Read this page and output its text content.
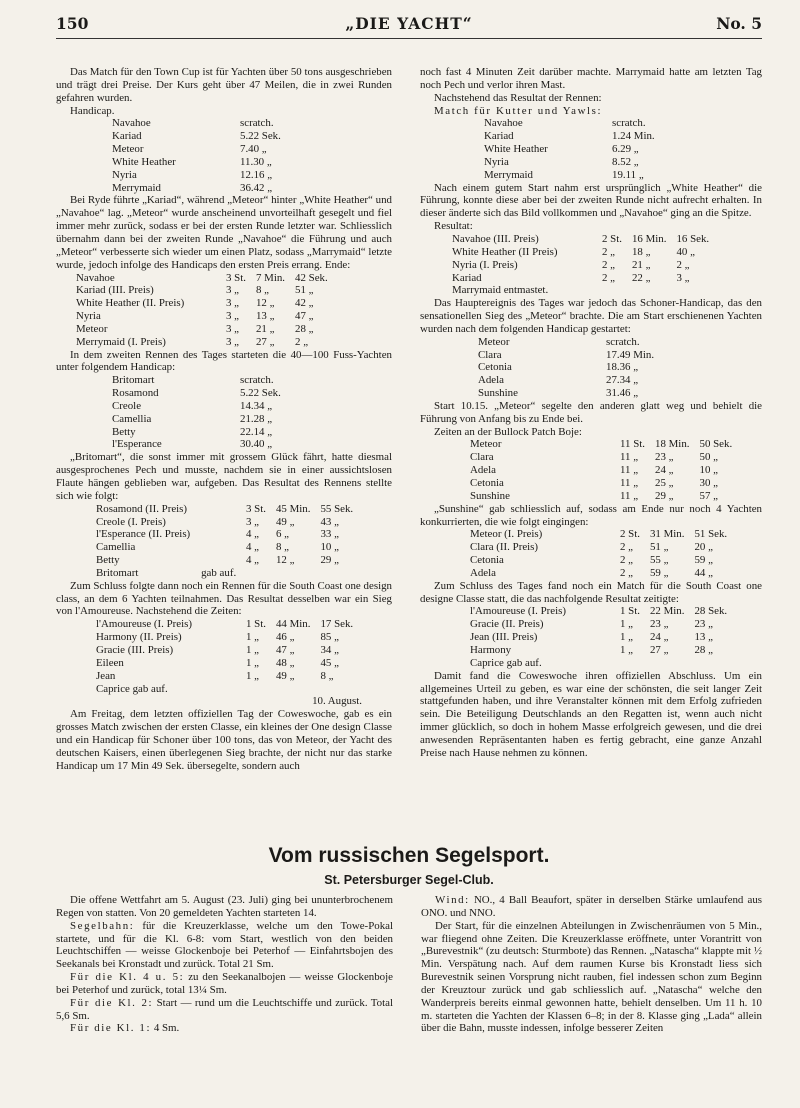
150	„DIE YACHT“	No. 5

Das Match für den Town Cup ist für Yachten über 50 tons ausgeschrieben und trägt drei Preise. Der Kurs geht über 47 Meilen, die in zwei Runden gefahren wurden.

Handicap.
Navahoe	scratch.
Kariad	5.22 Sek.
Meteor	7.40 „
White Heather	11.30 „
Nyria	12.16 „
Merrymaid	36.42 „

Bei Ryde führte „Kariad“, während „Meteor“ hinter „White Heather“ und „Navahoe“ lag. „Meteor“ wurde anscheinend unvorteilhaft gesegelt und fiel immer mehr zurück, sodass er bei der ersten Runde letzter war. Schliesslich übernahm dann bei der zweiten Runde „Navahoe“ die Führung und auch „Meteor“ verbesserte sich wieder um einen Platz, sodass „Marrymaid“ letzte wurde, jedoch infolge des Handicaps den ersten Preis errang. Ende:

Navahoe	3 St.	7 Min.	42 Sek.
Kariad (III. Preis)	3 „	8 „	51 „
White Heather (II. Preis)	3 „	12 „	42 „
Nyria	3 „	13 „	47 „
Meteor	3 „	21 „	28 „
Merrymaid (I. Preis)	3 „	27 „	2 „

In dem zweiten Rennen des Tages starteten die 40—100 Fuss-Yachten unter folgendem Handicap:

Britomart	scratch.
Rosamond	5.22 Sek.
Creole	14.34 „
Camellia	21.28 „
Betty	22.14 „
l'Esperance	30.40 „

„Britomart“, die sonst immer mit grossem Glück fährt, hatte diesmal ausgesprochenes Pech und musste, nachdem sie in einer aussichtslosen Flaute hängen geblieben war, aufgeben. Das Resultat des Rennens stellte sich wie folgt:

Rosamond (II. Preis)	3 St.	45 Min.	55 Sek.
Creole (I. Preis)	3 „	49 „	43 „
l'Esperance (II. Preis)	4 „	6 „	33 „
Camellia	4 „	8 „	10 „
Betty	4 „	12 „	29 „
Britomart	gab auf.

Zum Schluss folgte dann noch ein Rennen für die South Coast one design class, an dem 6 Yachten teilnahmen. Das Resultat desselben war ein Sieg von l'Amoureuse. Nachstehend die Zeiten:

l'Amoureuse (I. Preis)	1 St.	44 Min.	17 Sek.
Harmony (II. Preis)	1 „	46 „	85 „
Gracie (III. Preis)	1 „	47 „	34 „
Eileen	1 „	48 „	45 „
Jean	1 „	49 „	8 „
Caprice gab auf.
10. August.

Am Freitag, dem letzten offiziellen Tag der Coweswoche, gab es ein grosses Match zwischen der ersten Classe, ein kleines der One design Classe und ein Handicap für Schoner über 100 tons, das von Meteor, der Yacht des deutschen Kaisers, einen überlegenen Sieg brachte, der nicht nur das starke Handicap um 17 Min 49 Sek. übersegelte, sondern auch

noch fast 4 Minuten Zeit darüber machte. Marrymaid hatte am letzten Tag noch Pech und verlor ihren Mast.

Nachstehend das Resultat der Rennen:

Match für Kutter und Yawls:
Navahoe	scratch.
Kariad	1.24 Min.
White Heather	6.29 „
Nyria	8.52 „
Merrymaid	19.11 „

Nach einem gutem Start nahm erst ursprünglich „White Heather“ die Führung, konnte diese aber bei der zweiten Runde nicht aufrecht erhalten. In dieser änderte sich das Bild vollkommen und „Navahoe“ ging an die Spitze.

Resultat:
Navahoe (III. Preis)	2 St.	16 Min.	16 Sek.
White Heather (II Preis)	2 „	18 „	40 „
Nyria (I. Preis)	2 „	21 „	2 „
Kariad	2 „	22 „	3 „
Marrymaid entmastet.

Das Hauptereignis des Tages war jedoch das Schoner-Handicap, das den sensationellen Sieg des „Meteor“ brachte. Die am Start erschienenen Yachten wurden nach dem folgenden Handicap gestartet:

Meteor	scratch.
Clara	17.49 Min.
Cetonia	18.36 „
Adela	27.34 „
Sunshine	31.46 „

Start 10.15. „Meteor“ segelte den anderen glatt weg und behielt die Führung von Anfang bis zu Ende bei.

Zeiten an der Bullock Patch Boje:

Meteor	11 St.	18 Min.	50 Sek.
Clara	11 „	23 „	50 „
Adela	11 „	24 „	10 „
Cetonia	11 „	25 „	30 „
Sunshine	11 „	29 „	57 „

„Sunshine“ gab schliesslich auf, sodass am Ende nur noch 4 Yachten konkurrierten, die wie folgt eingingen:

Meteor (I. Preis)	2 St.	31 Min.	51 Sek.
Clara (II. Preis)	2 „	51 „	20 „
Cetonia	2 „	55 „	59 „
Adela	2 „	59 „	44 „

Zum Schluss des Tages fand noch ein Match für die South Coast one designe Classe statt, die das nachfolgende Resultat zeitigte:

l'Amoureuse (I. Preis)	1 St.	22 Min.	28 Sek.
Gracie (II. Preis)	1 „	23 „	23 „
Jean (III. Preis)	1 „	24 „	13 „
Harmony	1 „	27 „	28 „
Caprice gab auf.

Damit fand die Coweswoche ihren offiziellen Abschluss. Um ein allgemeines Urteil zu geben, es war eine der schönsten, die seit langer Zeit stattgefunden haben, und ihre Veranstalter können mit dem Erfolg zufrieden sein. Die Beteiligung Deutschlands an den Regatten ist, wenn auch nicht immer glücklich, so doch in hohem Masse erfolgreich gewesen, und die drei anwesenden Repräsentanten haben es fertig gebracht, eine ganze Anzahl Preise nach Hause nehmen zu können.

Vom russischen Segelsport.
St. Petersburger Segel-Club.

Die offene Wettfahrt am 5. August (23. Juli) ging bei ununterbrochenem Regen von statten. Von 20 gemeldeten Yachten starteten 14.

Segelbahn: für die Kreuzerklasse, welche um den Towe-Pokal startete, und für die Kl. 6-8: vom Start, westlich von den beiden Leuchtschiffen — weisse Glockenboje bei Peterhof — Einfahrtsbojen des Seekanals bei Kronstadt und zurück. Total 21 Sm.

Für die Kl. 4 u. 5: zu den Seekanalbojen — weisse Glockenboje bei Peterhof und zurück, total 13¼ Sm.

Für die Kl. 2: Start — rund um die Leuchtschiffe und zurück. Total 5,6 Sm.

Für die Kl. 1: 4 Sm.

Wind: NO., 4 Ball Beaufort, später in derselben Stärke umlaufend aus ONO. und NNO.

Der Start, für die einzelnen Abteilungen in Zwischenräumen von 5 Min., war fliegend ohne Zeiten. Die Kreuzerklasse eröffnete, unter Vorantritt von „Burevestnik“ (zu deutsch: Sturmbote) das Rennen. „Natascha“ klappte mit ½ Min. Verspätung nach. Auf dem raumen Kurse bis Kronstadt liess sich Burevestnik seinen Vorsprung nicht rauben, fiel indessen schon zum Beginn der Kreuztour zurück und gab schliesslich auf. „Natascha“ welche den Wanderpreis bereits einmal gewonnen hatte, behielt denselben. Um 11 h. 10 m. starteten die Yachten der Klassen 6–8; in der 8. Klasse ging „Lada“ allein über die Bahn, musste indessen, infolge besserer Zeiten
